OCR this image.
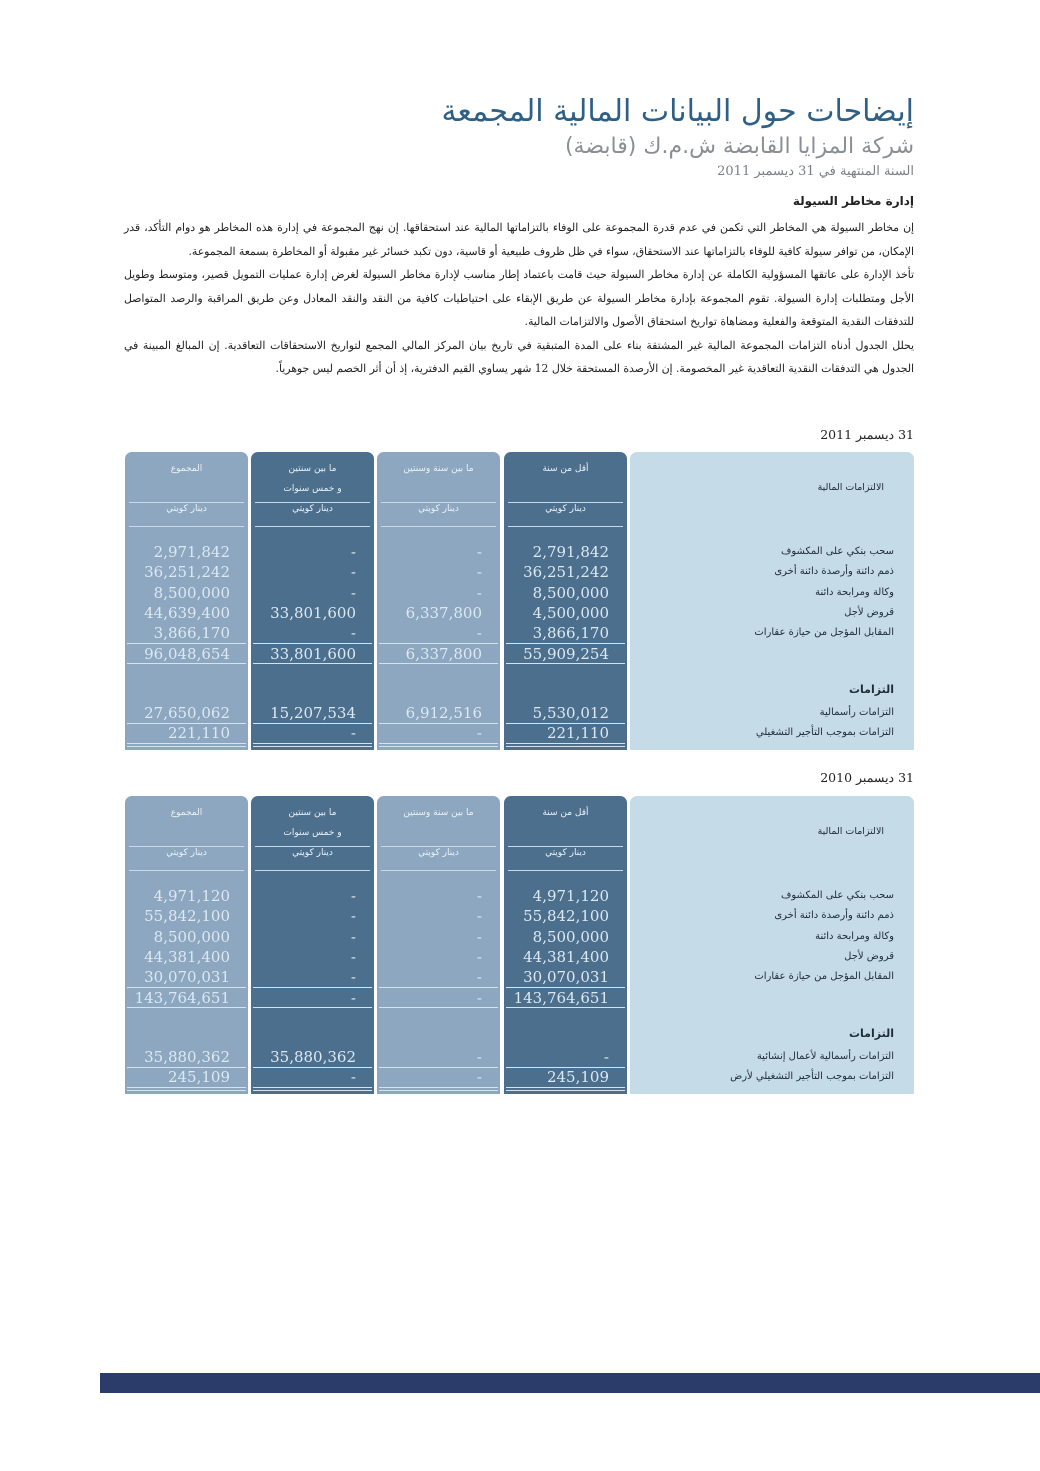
إيضاحات حول البيانات المالية المجمعة
شركة المزايا القابضة ش.م.ك (قابضة)
السنة المنتهية في 31 ديسمبر 2011
إدارة مخاطر السيولة

إن مخاطر السيولة هي المخاطر التي تكمن في عدم قدرة المجموعة على الوفاء بالتزاماتها المالية عند استحقاقها. إن نهج المجموعة في إدارة هذه المخاطر هو دوام التأكد، قدر الإمكان، من توافر سيولة كافية للوفاء بالتزاماتها عند الاستحقاق، سواء في ظل ظروف طبيعية أو قاسية، دون تكبد خسائر غير مقبولة أو المخاطرة بسمعة المجموعة.

تأخذ الإدارة على عاتقها المسؤولية الكاملة عن إدارة مخاطر السيولة حيث قامت باعتماد إطار مناسب لإدارة مخاطر السيولة لغرض إدارة عمليات التمويل قصير، ومتوسط وطويل الأجل ومتطلبات إدارة السيولة. تقوم المجموعة بإدارة مخاطر السيولة عن طريق الإبقاء على احتياطيات كافية من النقد والنقد المعادل وعن طريق المراقبة والرصد المتواصل للتدفقات النقدية المتوقعة والفعلية ومضاهاة تواريخ استحقاق الأصول والالتزامات المالية.

يحلل الجدول أدناه التزامات المجموعة المالية غير المشتقة بناء على المدة المتبقية في تاريخ بيان المركز المالي المجمع لتواريخ الاستحقاقات التعاقدية. إن المبالغ المبينة في الجدول هي التدفقات النقدية التعاقدية غير المخصومة. إن الأرصدة المستحقة خلال 12 شهر يساوي القيم الدفترية، إذ أن أثر الخصم ليس جوهرياً.

31 ديسمبر 2011
الالتزامات المالية
سحب بنكي على المكشوف
ذمم دائنة وأرصدة دائنة أخرى
وكالة ومرابحة دائنة
قروض لأجل
المقابل المؤجل من حيازة عقارات
التزامات
التزامات رأسمالية
التزامات بموجب التأجير التشغيلي
المجموع
دينار كويتي
2,971,842
36,251,242
8,500,000
44,639,400
3,866,170
96,048,654
27,650,062
221,110
ما بين سنتين
و خمس سنوات
دينار كويتي
-
-
-
33,801,600
-
33,801,600
15,207,534
-
ما بين سنة وسنتين
دينار كويتي
-
-
-
6,337,800
-
6,337,800
6,912,516
-
أقل من سنة
دينار كويتي
2,791,842
36,251,242
8,500,000
4,500,000
3,866,170
55,909,254
5,530,012
221,110
31 ديسمبر 2010
الالتزامات المالية
سحب بنكي على المكشوف
ذمم دائنة وأرصدة دائنة أخرى
وكالة ومرابحة دائنة
قروض لأجل
المقابل المؤجل من حيازة عقارات
التزامات
التزامات رأسمالية لأعمال إنشائية
التزامات بموجب التأجير التشغيلي لأرض
المجموع
دينار كويتي
4,971,120
55,842,100
8,500,000
44,381,400
30,070,031
143,764,651
35,880,362
245,109
ما بين سنتين
و خمس سنوات
دينار كويتي
-
-
-
-
-
-
35,880,362
-
ما بين سنة وسنتين
دينار كويتي
-
-
-
-
-
-
-
-
أقل من سنة
دينار كويتي
4,971,120
55,842,100
8,500,000
44,381,400
30,070,031
143,764,651
-
245,109
